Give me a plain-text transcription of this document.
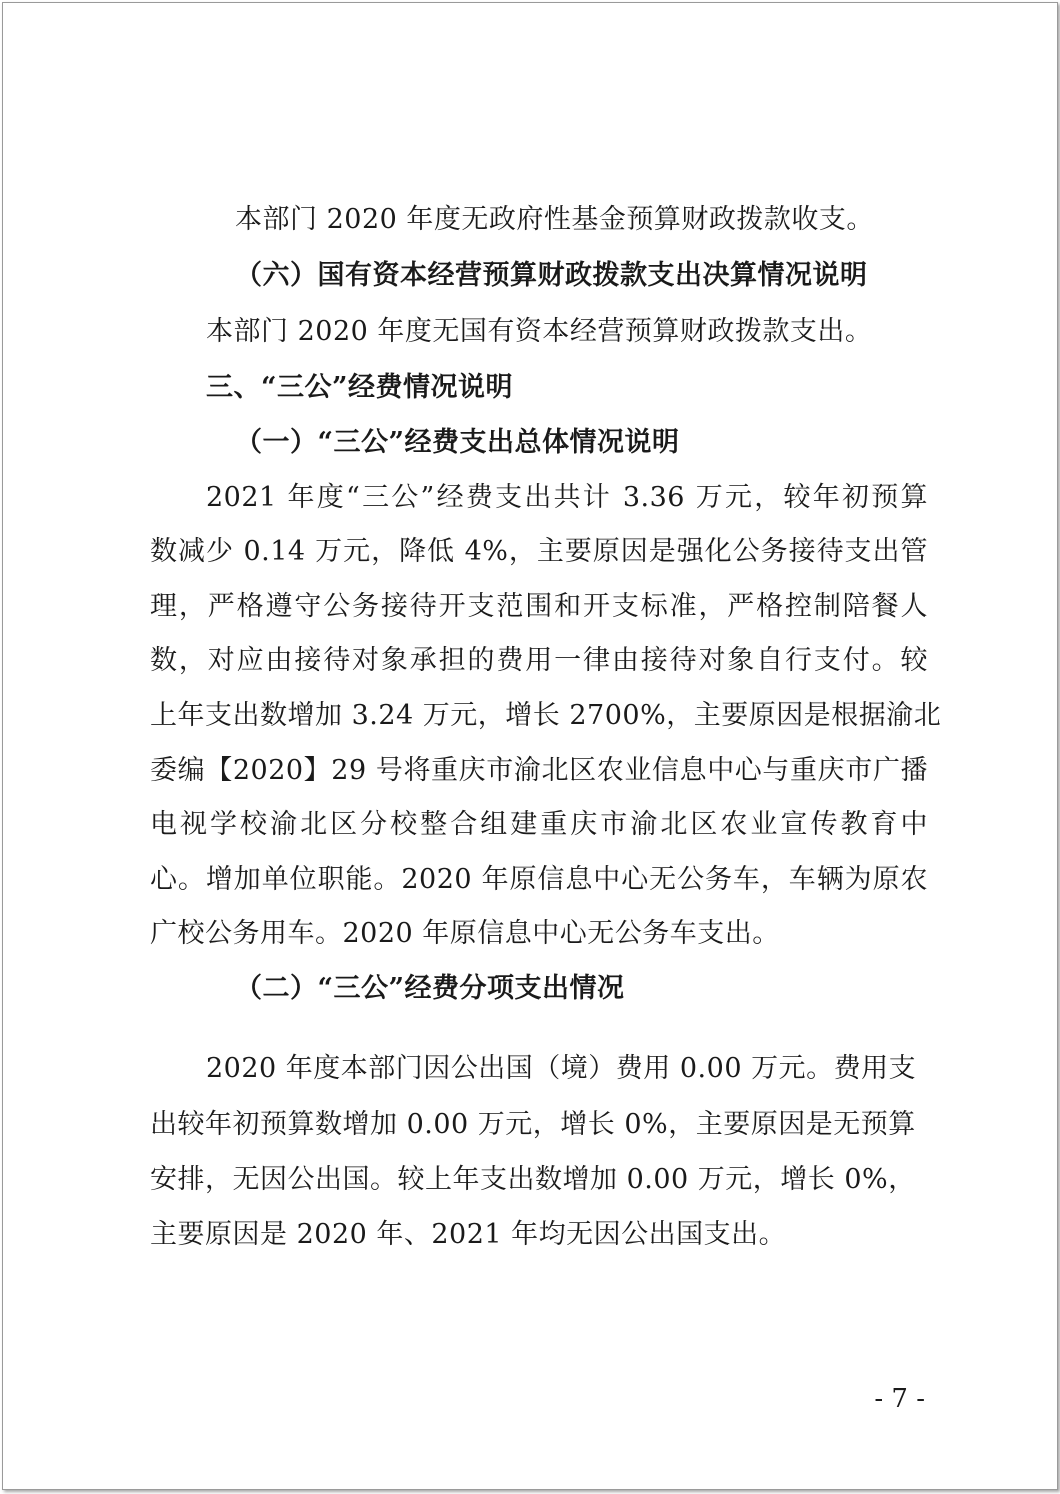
本部门 2020 年度无政府性基金预算财政拨款收支。
（六）国有资本经营预算财政拨款支出决算情况说明
本部门 2020 年度无国有资本经营预算财政拨款支出。
三、“三公”经费情况说明
（一）“三公”经费支出总体情况说明
2021 年度“三公”经费支出共计 3.36 万元，较年初预算
数减少 0.14 万元，降低 4%，主要原因是强化公务接待支出管
理，严格遵守公务接待开支范围和开支标准，严格控制陪餐人
数，对应由接待对象承担的费用一律由接待对象自行支付。较
上年支出数增加 3.24 万元，增长 2700%，主要原因是根据渝北
委编【2020】29 号将重庆市渝北区农业信息中心与重庆市广播
电视学校渝北区分校整合组建重庆市渝北区农业宣传教育中
心。增加单位职能。2020 年原信息中心无公务车，车辆为原农
广校公务用车。2020 年原信息中心无公务车支出。
（二）“三公”经费分项支出情况
2020 年度本部门因公出国（境）费用 0.00 万元。费用支
出较年初预算数增加 0.00 万元，增长 0%，主要原因是无预算
安排，无因公出国。较上年支出数增加 0.00 万元，增长 0%，
主要原因是 2020 年、2021 年均无因公出国支出。
- 7 -
